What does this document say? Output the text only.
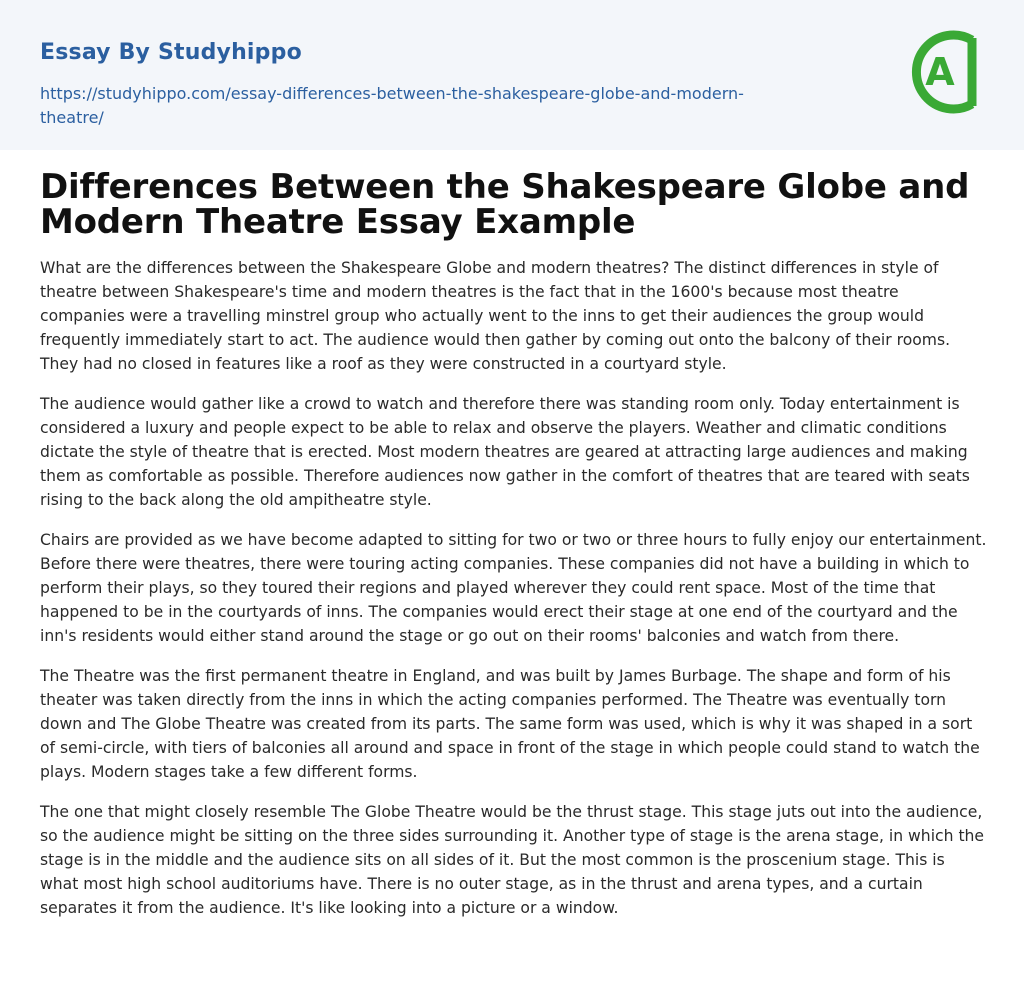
Essay By Studyhippo
https://studyhippo.com/essay-differences-between-the-shakespeare-globe-and-modern-theatre/
A
Differences Between the Shakespeare Globe and Modern Theatre Essay Example

What are the differences between the Shakespeare Globe and modern theatres? The distinct differences in style of theatre between Shakespeare's time and modern theatres is the fact that in the 1600's because most theatre companies were a travelling minstrel group who actually went to the inns to get their audiences the group would frequently immediately start to act. The audience would then gather by coming out onto the balcony of their rooms. They had no closed in features like a roof as they were constructed in a courtyard style.

The audience would gather like a crowd to watch and therefore there was standing room only. Today entertainment is considered a luxury and people expect to be able to relax and observe the players. Weather and climatic conditions dictate the style of theatre that is erected. Most modern theatres are geared at attracting large audiences and making them as comfortable as possible. Therefore audiences now gather in the comfort of theatres that are teared with seats rising to the back along the old ampitheatre style.

Chairs are provided as we have become adapted to sitting for two or two or three hours to fully enjoy our entertainment. Before there were theatres, there were touring acting companies. These companies did not have a building in which to perform their plays, so they toured their regions and played wherever they could rent space. Most of the time that happened to be in the courtyards of inns. The companies would erect their stage at one end of the courtyard and the inn's residents would either stand around the stage or go out on their rooms' balconies and watch from there.

The Theatre was the first permanent theatre in England, and was built by James Burbage. The shape and form of his theater was taken directly from the inns in which the acting companies performed. The Theatre was eventually torn down and The Globe Theatre was created from its parts. The same form was used, which is why it was shaped in a sort of semi-circle, with tiers of balconies all around and space in front of the stage in which people could stand to watch the plays. Modern stages take a few different forms.

The one that might closely resemble The Globe Theatre would be the thrust stage. This stage juts out into the audience, so the audience might be sitting on the three sides surrounding it. Another type of stage is the arena stage, in which the stage is in the middle and the audience sits on all sides of it. But the most common is the proscenium stage. This is what most high school auditoriums have. There is no outer stage, as in the thrust and arena types, and a curtain separates it from the audience. It's like looking into a picture or a window.
